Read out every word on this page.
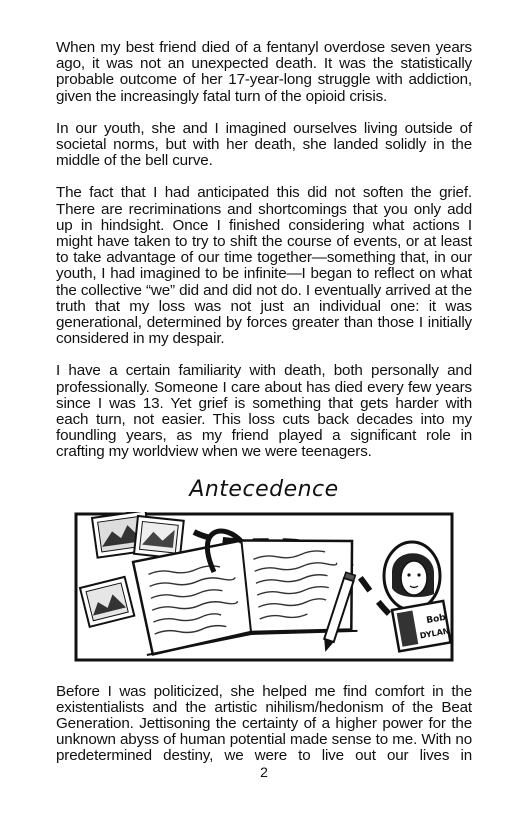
When my best friend died of a fentanyl overdose seven years ago, it was not an unexpected death. It was the statistically probable outcome of her 17-year-long struggle with addiction, given the increasingly fatal turn of the opioid crisis.

In our youth, she and I imagined ourselves living outside of societal norms, but with her death, she landed solidly in the middle of the bell curve.

The fact that I had anticipated this did not soften the grief. There are recriminations and shortcomings that you only add up in hindsight. Once I finished considering what actions I might have taken to try to shift the course of events, or at least to take advantage of our time together—something that, in our youth, I had imagined to be infinite—I began to reflect on what the collective “we” did and did not do. I eventually arrived at the truth that my loss was not just an individual one: it was generational, determined by forces greater than those I initially considered in my despair.

I have a certain familiarity with death, both personally and professionally. Someone I care about has died every few years since I was 13. Yet grief is something that gets harder with each turn, not easier. This loss cuts back decades into my foundling years, as my friend played a significant role in crafting my worldview when we were teenagers.

Antecedence
Bob
DYLAN

Before I was politicized, she helped me find comfort in the existentialists and the artistic nihilism/hedonism of the Beat Generation. Jettisoning the certainty of a higher power for the unknown abyss of human potential made sense to me. With no predetermined destiny, we were to live out our lives in

2
